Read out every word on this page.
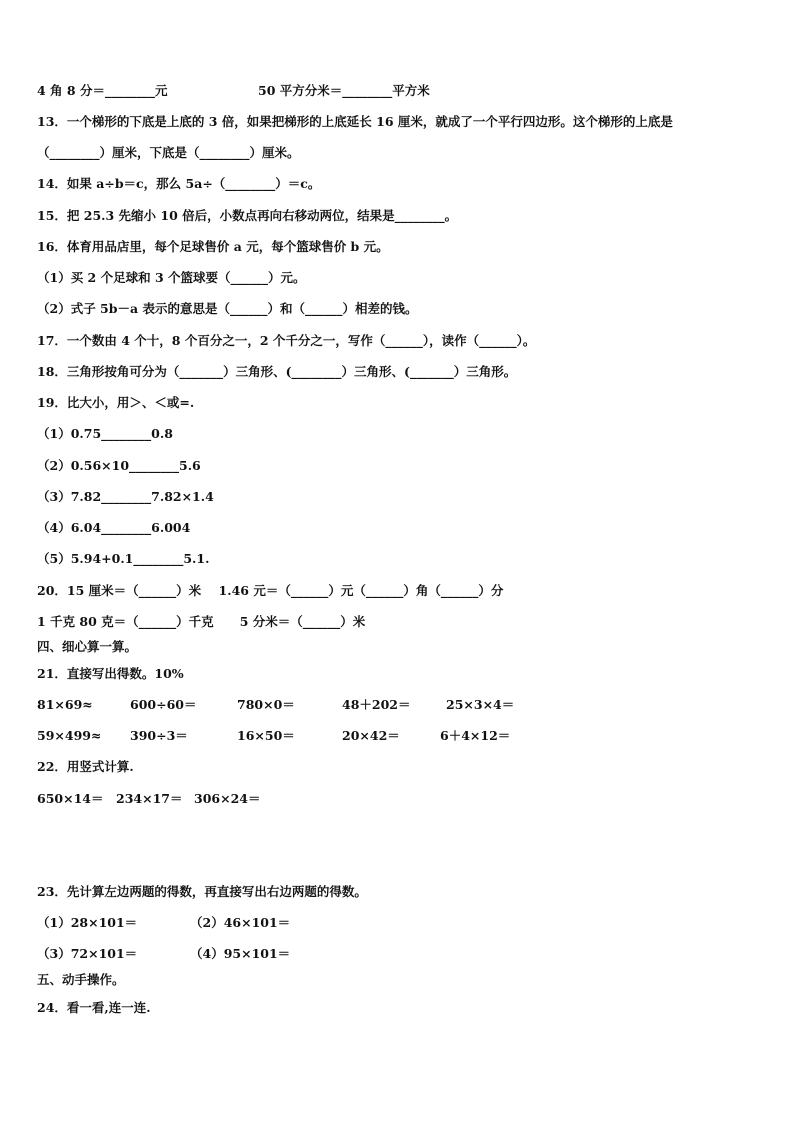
4 角 8 分＝________元	50 平方分米＝________平方米
13．一个梯形的下底是上底的 3 倍，如果把梯形的上底延长 16 厘米，就成了一个平行四边形。这个梯形的上底是
（________）厘米，下底是（________）厘米。
14．如果 a÷b＝c，那么 5a÷（________）＝c。
15．把 25.3 先缩小 10 倍后，小数点再向右移动两位，结果是________。
16．体育用品店里，每个足球售价 a 元，每个篮球售价 b 元。
（1）买 2 个足球和 3 个篮球要（______）元。
（2）式子 5b－a 表示的意思是（______）和（______）相差的钱。
17．一个数由 4 个十，8 个百分之一，2 个千分之一，写作（______），读作（______）。
18．三角形按角可分为（_______）三角形、(________）三角形、(_______）三角形。
19．比大小，用＞、＜或=.
（1）0.75________0.8
（2）0.56×10________5.6
（3）7.82________7.82×1.4
（4）6.04________6.004
（5）5.94+0.1________5.1.
20．15 厘米＝（______）米    1.46 元＝（______）元（______）角（______）分
1 千克 80 克＝（______）千克      5 分米＝（______）米
四、细心算一算。
21．直接写出得数。10%
81×69≈	600÷60＝	780×0＝	48＋202＝	25×3×4＝
59×499≈ 390÷3＝	16×50＝	20×42＝	6＋4×12＝
22．用竖式计算.
650×14＝ 234×17＝ 306×24＝
23．先计算左边两题的得数，再直接写出右边两题的得数。
（1）28×101＝	（2）46×101＝
（3）72×101＝	（4）95×101＝
五、动手操作。
24．看一看,连一连.
